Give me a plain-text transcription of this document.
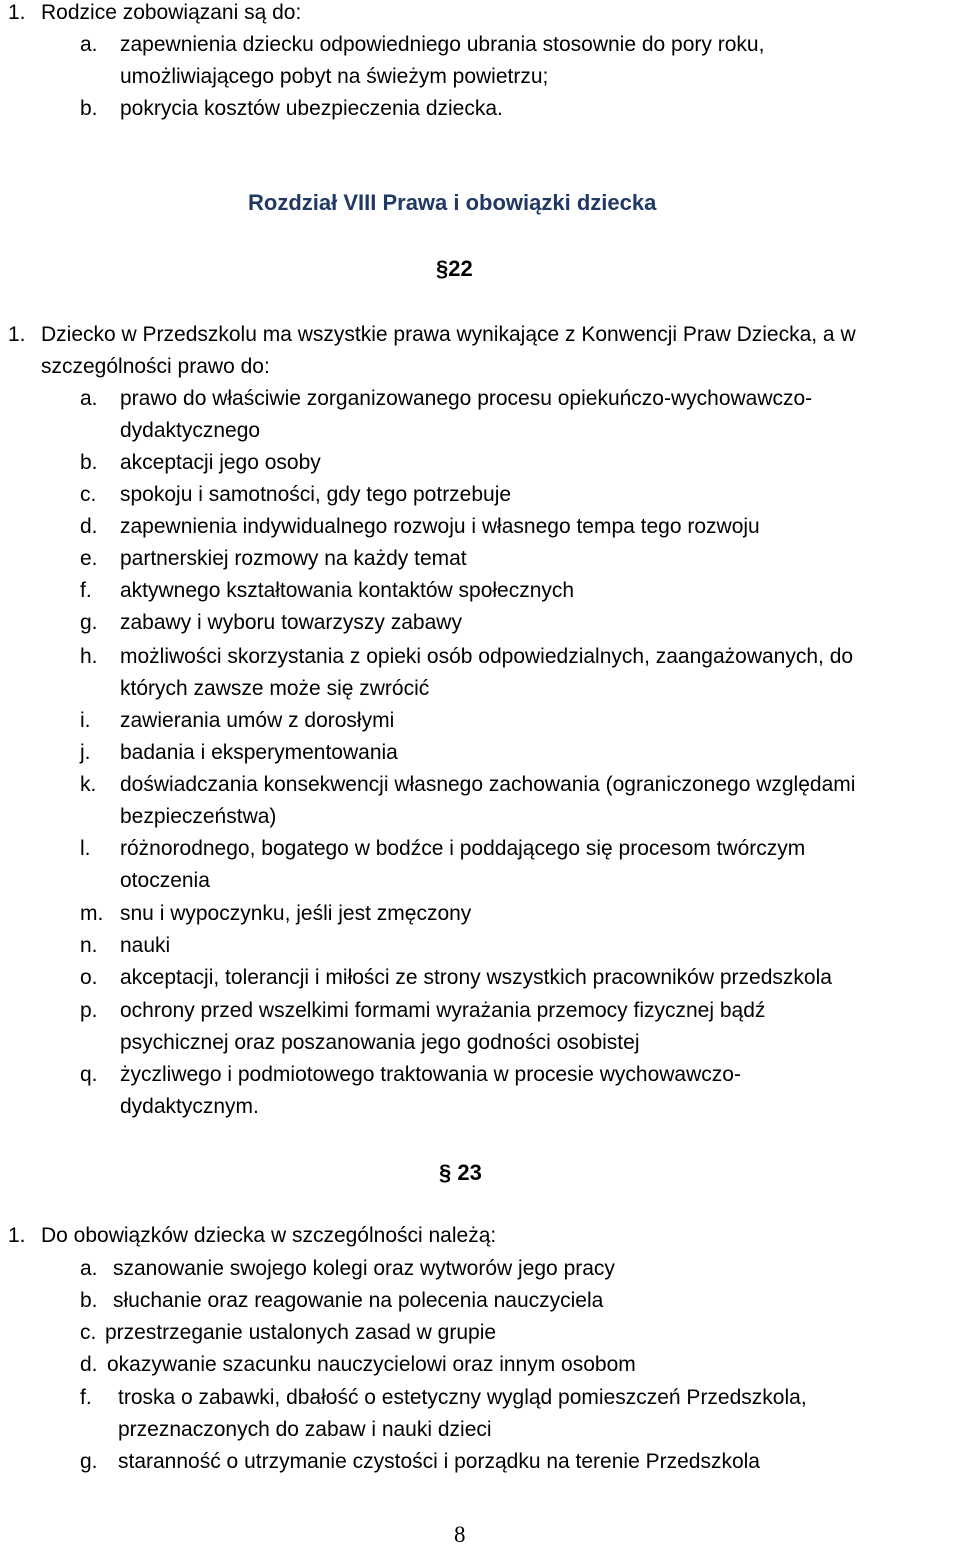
1. Rodzice zobowiązani są do:
a. zapewnienia dziecku odpowiedniego ubrania stosownie do pory roku,
umożliwiającego pobyt na świeżym powietrzu;
b. pokrycia kosztów ubezpieczenia dziecka.
Rozdział VIII Prawa i obowiązki dziecka
§22
1. Dziecko w Przedszkolu ma wszystkie prawa wynikające z Konwencji Praw Dziecka, a w
szczególności prawo do:
a. prawo do właściwie zorganizowanego procesu opiekuńczo-wychowawczo-
dydaktycznego
b. akceptacji jego osoby
c. spokoju i samotności, gdy tego potrzebuje
d. zapewnienia indywidualnego rozwoju i własnego tempa tego rozwoju
e. partnerskiej rozmowy na każdy temat
f. aktywnego kształtowania kontaktów społecznych
g. zabawy i wyboru towarzyszy zabawy
h. możliwości skorzystania z opieki osób odpowiedzialnych, zaangażowanych, do
których zawsze może się zwrócić
i. zawierania umów z dorosłymi
j. badania i eksperymentowania
k. doświadczania konsekwencji własnego zachowania (ograniczonego względami
bezpieczeństwa)
l. różnorodnego, bogatego w bodźce i poddającego się procesom twórczym
otoczenia
m. snu i wypoczynku, jeśli jest zmęczony
n. nauki
o. akceptacji, tolerancji i miłości ze strony wszystkich pracowników przedszkola
p. ochrony przed wszelkimi formami wyrażania przemocy fizycznej bądź
psychicznej oraz poszanowania jego godności osobistej
q. życzliwego i podmiotowego traktowania w procesie wychowawczo-
dydaktycznym.
§ 23
1. Do obowiązków dziecka w szczególności należą:
a. szanowanie swojego kolegi oraz wytworów jego pracy
b. słuchanie oraz reagowanie na polecenia nauczyciela
c. przestrzeganie ustalonych zasad w grupie
d. okazywanie szacunku nauczycielowi oraz innym osobom
f. troska o zabawki, dbałość o estetyczny wygląd pomieszczeń Przedszkola,
przeznaczonych do zabaw i nauki dzieci
g. staranność o utrzymanie czystości i porządku na terenie Przedszkola
8
